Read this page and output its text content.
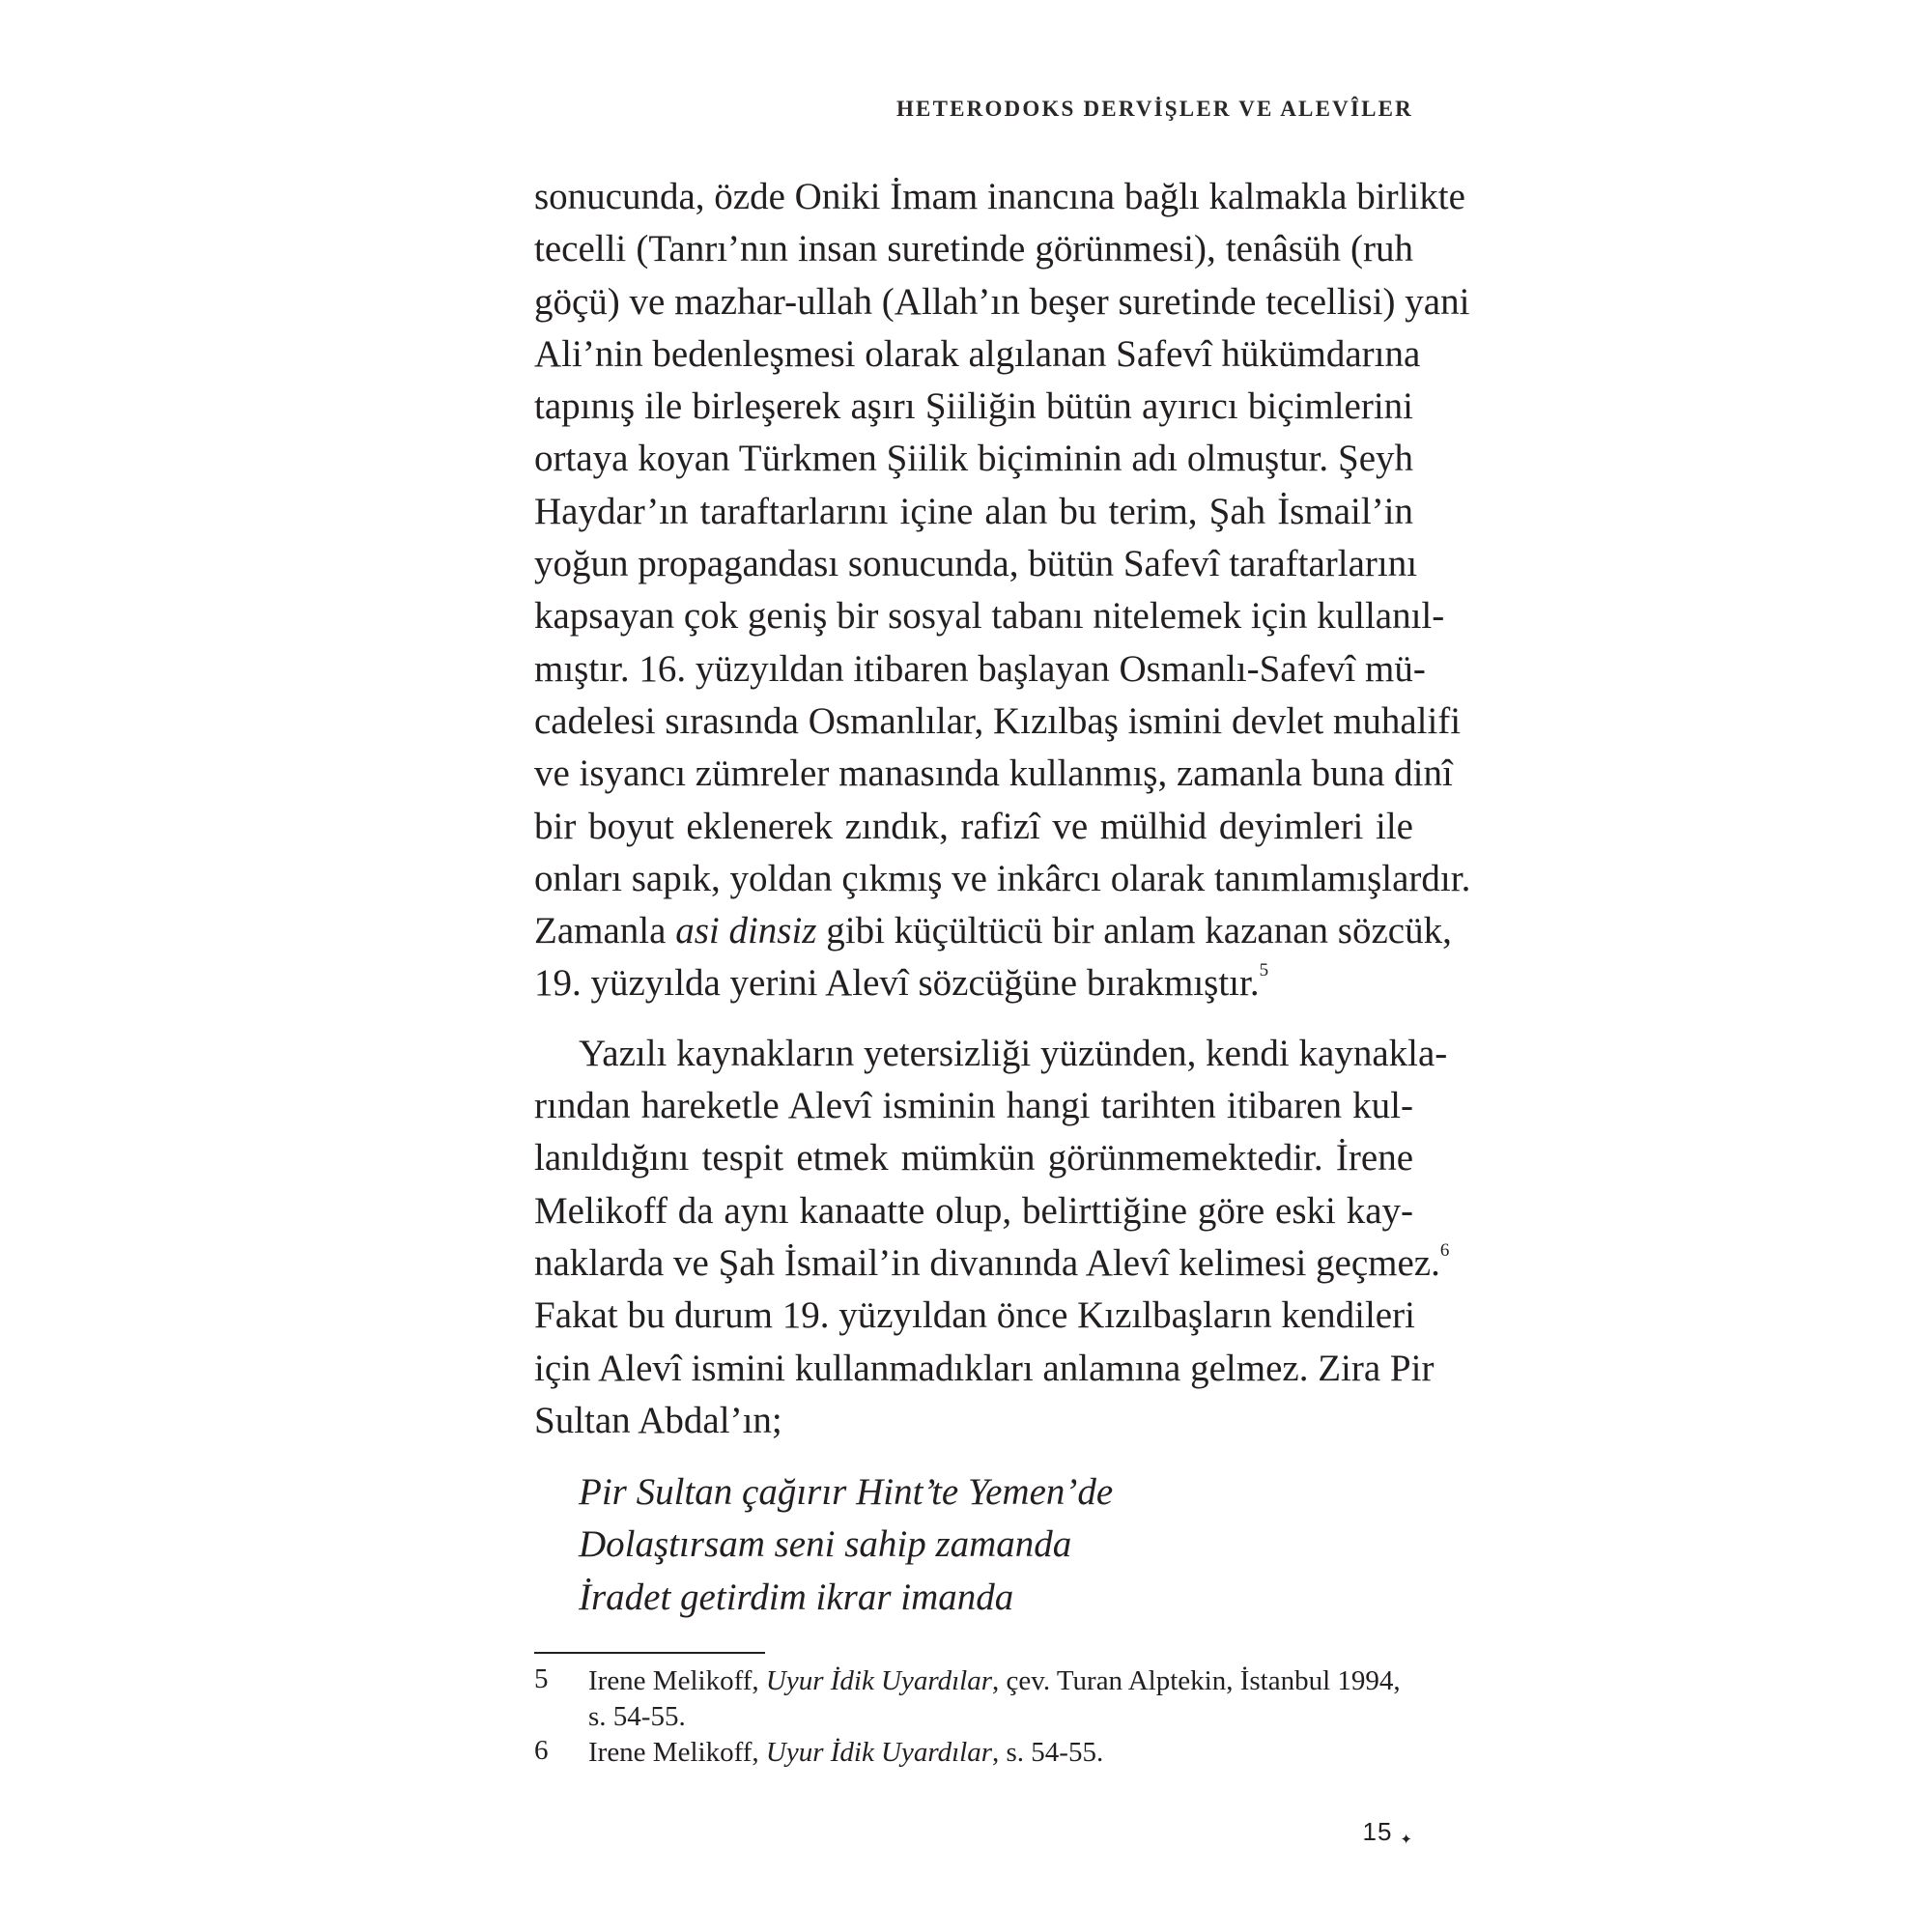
HETERODOKS DERVİŞLER VE ALEVÎLER
sonucunda, özde Oniki İmam inancına bağlı kalmakla birlikte
tecelli (Tanrı’nın insan suretinde görünmesi), tenâsüh (ruh
göçü) ve mazhar-ullah (Allah’ın beşer suretinde tecellisi) yani
Ali’nin bedenleşmesi olarak algılanan Safevî hükümdarına
tapınış ile birleşerek aşırı Şiiliğin bütün ayırıcı biçimlerini
ortaya koyan Türkmen Şiilik biçiminin adı olmuştur. Şeyh
Haydar’ın taraftarlarını içine alan bu terim, Şah İsmail’in
yoğun propagandası sonucunda, bütün Safevî taraftarlarını
kapsayan çok geniş bir sosyal tabanı nitelemek için kullanıl-
mıştır. 16. yüzyıldan itibaren başlayan Osmanlı-Safevî mü-
cadelesi sırasında Osmanlılar, Kızılbaş ismini devlet muhalifi
ve isyancı zümreler manasında kullanmış, zamanla buna dinî
bir boyut eklenerek zındık, rafizî ve mülhid deyimleri ile
onları sapık, yoldan çıkmış ve inkârcı olarak tanımlamışlardır.
Zamanla asi dinsiz gibi küçültücü bir anlam kazanan sözcük,
19. yüzyılda yerini Alevî sözcüğüne bırakmıştır.$^5$
Yazılı kaynakların yetersizliği yüzünden, kendi kaynakla-
rından hareketle Alevî isminin hangi tarihten itibaren kul-
lanıldığını tespit etmek mümkün görünmemektedir. İrene
Melikoff da aynı kanaatte olup, belirttiğine göre eski kay-
naklarda ve Şah İsmail’in divanında Alevî kelimesi geçmez.$^6$
Fakat bu durum 19. yüzyıldan önce Kızılbaşların kendileri
için Alevî ismini kullanmadıkları anlamına gelmez. Zira Pir
Sultan Abdal’ın;
Pir Sultan çağırır Hint’te Yemen’de
Dolaştırsam seni sahip zamanda
İradet getirdim ikrar imanda
5	Irene Melikoff, Uyur İdik Uyardılar, çev. Turan Alptekin, İstanbul 1994,
s. 54-55.
6	Irene Melikoff, Uyur İdik Uyardılar, s. 54-55.
15 ✦
